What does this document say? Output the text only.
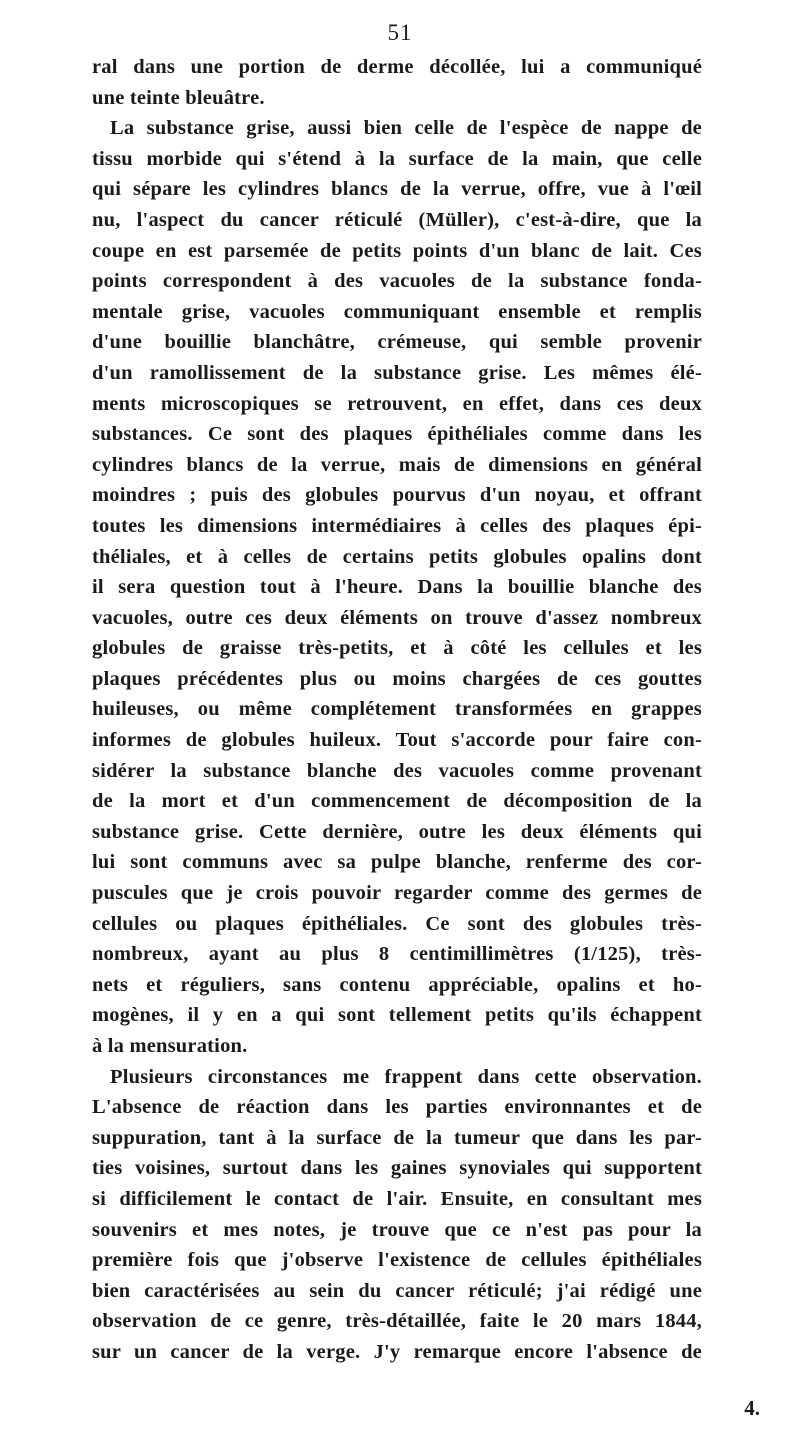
51
ral dans une portion de derme décollée, lui a communiqué
une teinte bleuâtre.
La substance grise, aussi bien celle de l'espèce de nappe de
tissu morbide qui s'étend à la surface de la main, que celle
qui sépare les cylindres blancs de la verrue, offre, vue à l'œil
nu, l'aspect du cancer réticulé (Müller), c'est-à-dire, que la
coupe en est parsemée de petits points d'un blanc de lait. Ces
points correspondent à des vacuoles de la substance fonda-
mentale grise, vacuoles communiquant ensemble et remplis
d'une bouillie blanchâtre, crémeuse, qui semble provenir
d'un ramollissement de la substance grise. Les mêmes élé-
ments microscopiques se retrouvent, en effet, dans ces deux
substances. Ce sont des plaques épithéliales comme dans les
cylindres blancs de la verrue, mais de dimensions en général
moindres ; puis des globules pourvus d'un noyau, et offrant
toutes les dimensions intermédiaires à celles des plaques épi-
théliales, et à celles de certains petits globules opalins dont
il sera question tout à l'heure. Dans la bouillie blanche des
vacuoles, outre ces deux éléments on trouve d'assez nombreux
globules de graisse très-petits, et à côté les cellules et les
plaques précédentes plus ou moins chargées de ces gouttes
huileuses, ou même complétement transformées en grappes
informes de globules huileux. Tout s'accorde pour faire con-
sidérer la substance blanche des vacuoles comme provenant
de la mort et d'un commencement de décomposition de la
substance grise. Cette dernière, outre les deux éléments qui
lui sont communs avec sa pulpe blanche, renferme des cor-
puscules que je crois pouvoir regarder comme des germes de
cellules ou plaques épithéliales. Ce sont des globules très-
nombreux, ayant au plus 8 centimillimètres (1/125), très-
nets et réguliers, sans contenu appréciable, opalins et ho-
mogènes, il y en a qui sont tellement petits qu'ils échappent
à la mensuration.
Plusieurs circonstances me frappent dans cette observation.
L'absence de réaction dans les parties environnantes et de
suppuration, tant à la surface de la tumeur que dans les par-
ties voisines, surtout dans les gaines synoviales qui supportent
si difficilement le contact de l'air. Ensuite, en consultant mes
souvenirs et mes notes, je trouve que ce n'est pas pour la
première fois que j'observe l'existence de cellules épithéliales
bien caractérisées au sein du cancer réticulé; j'ai rédigé une
observation de ce genre, très-détaillée, faite le 20 mars 1844,
sur un cancer de la verge. J'y remarque encore l'absence de
4.
